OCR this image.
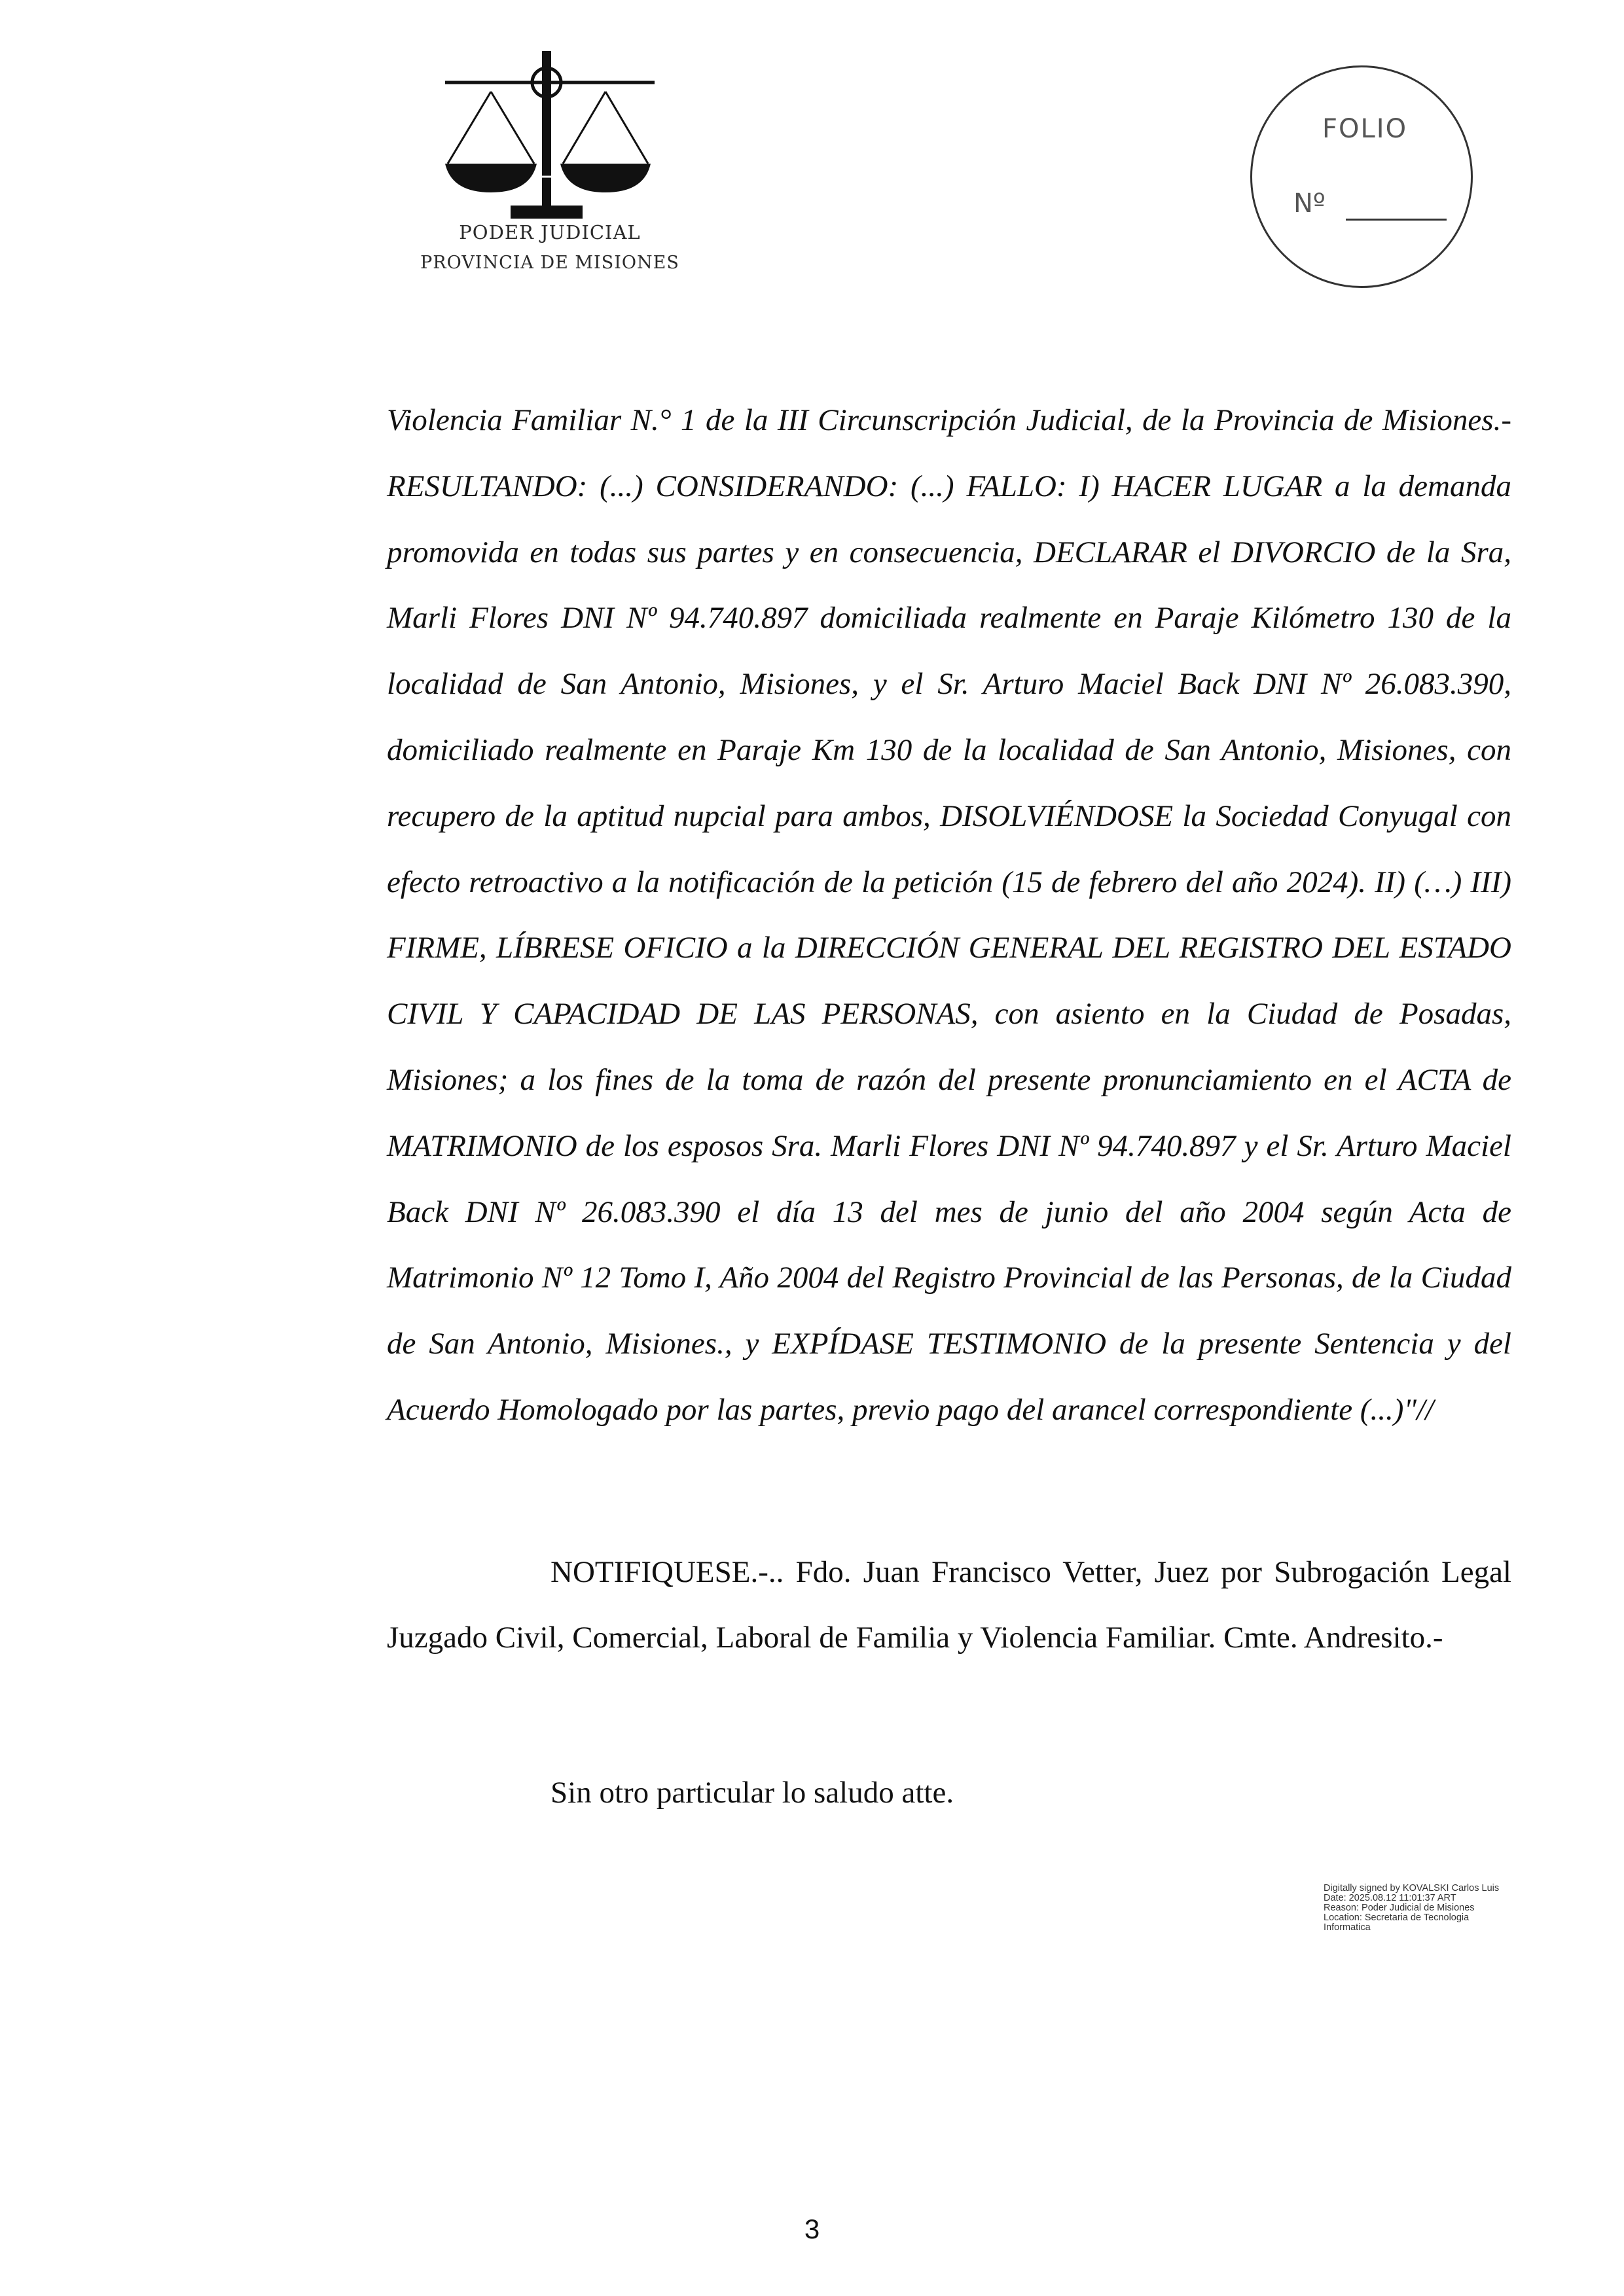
PODER JUDICIAL
PROVINCIA DE MISIONES
FOLIO
Nº

Violencia Familiar N.° 1 de la III Circunscripción Judicial, de la Provincia de Misiones.- RESULTANDO: (...) CONSIDERANDO: (...) FALLO: I) HACER LUGAR a la demanda promovida en todas sus partes y en consecuencia, DECLARAR el DIVORCIO de la Sra, Marli Flores DNI Nº 94.740.897 domiciliada realmente en Paraje Kilómetro 130 de la localidad de San Antonio, Misiones, y el Sr. Arturo Maciel Back DNI Nº 26.083.390, domiciliado realmente en Paraje Km 130 de la localidad de San Antonio, Misiones, con recupero de la aptitud nupcial para ambos, DISOLVIÉNDOSE la Sociedad Conyugal con efecto retroactivo a la notificación de la petición (15 de febrero del año 2024). II) (…) III) FIRME, LÍBRESE OFICIO a la DIRECCIÓN GENERAL DEL REGISTRO DEL ESTADO CIVIL Y CAPACIDAD DE LAS PERSONAS, con asiento en la Ciudad de Posadas, Misiones; a los fines de la toma de razón del presente pronunciamiento en el ACTA de MATRIMONIO de los esposos Sra. Marli Flores DNI Nº 94.740.897 y el Sr. Arturo Maciel Back DNI Nº 26.083.390 el día 13 del mes de junio del año 2004 según Acta de Matrimonio Nº 12 Tomo I, Año 2004 del Registro Provincial de las Personas, de la Ciudad de San Antonio, Misiones., y EXPÍDASE TESTIMONIO de la presente Sentencia y del Acuerdo Homologado por las partes, previo pago del arancel correspondiente (...)"//

NOTIFIQUESE.-.. Fdo. Juan Francisco Vetter, Juez por Subrogación Legal Juzgado Civil, Comercial, Laboral de Familia y Violencia Familiar. Cmte. Andresito.-

Sin otro particular lo saludo atte.

Digitally signed by KOVALSKI Carlos Luis
Date: 2025.08.12 11:01:37 ART
Reason: Poder Judicial de Misiones
Location: Secretaria de Tecnologia
Informatica
3
